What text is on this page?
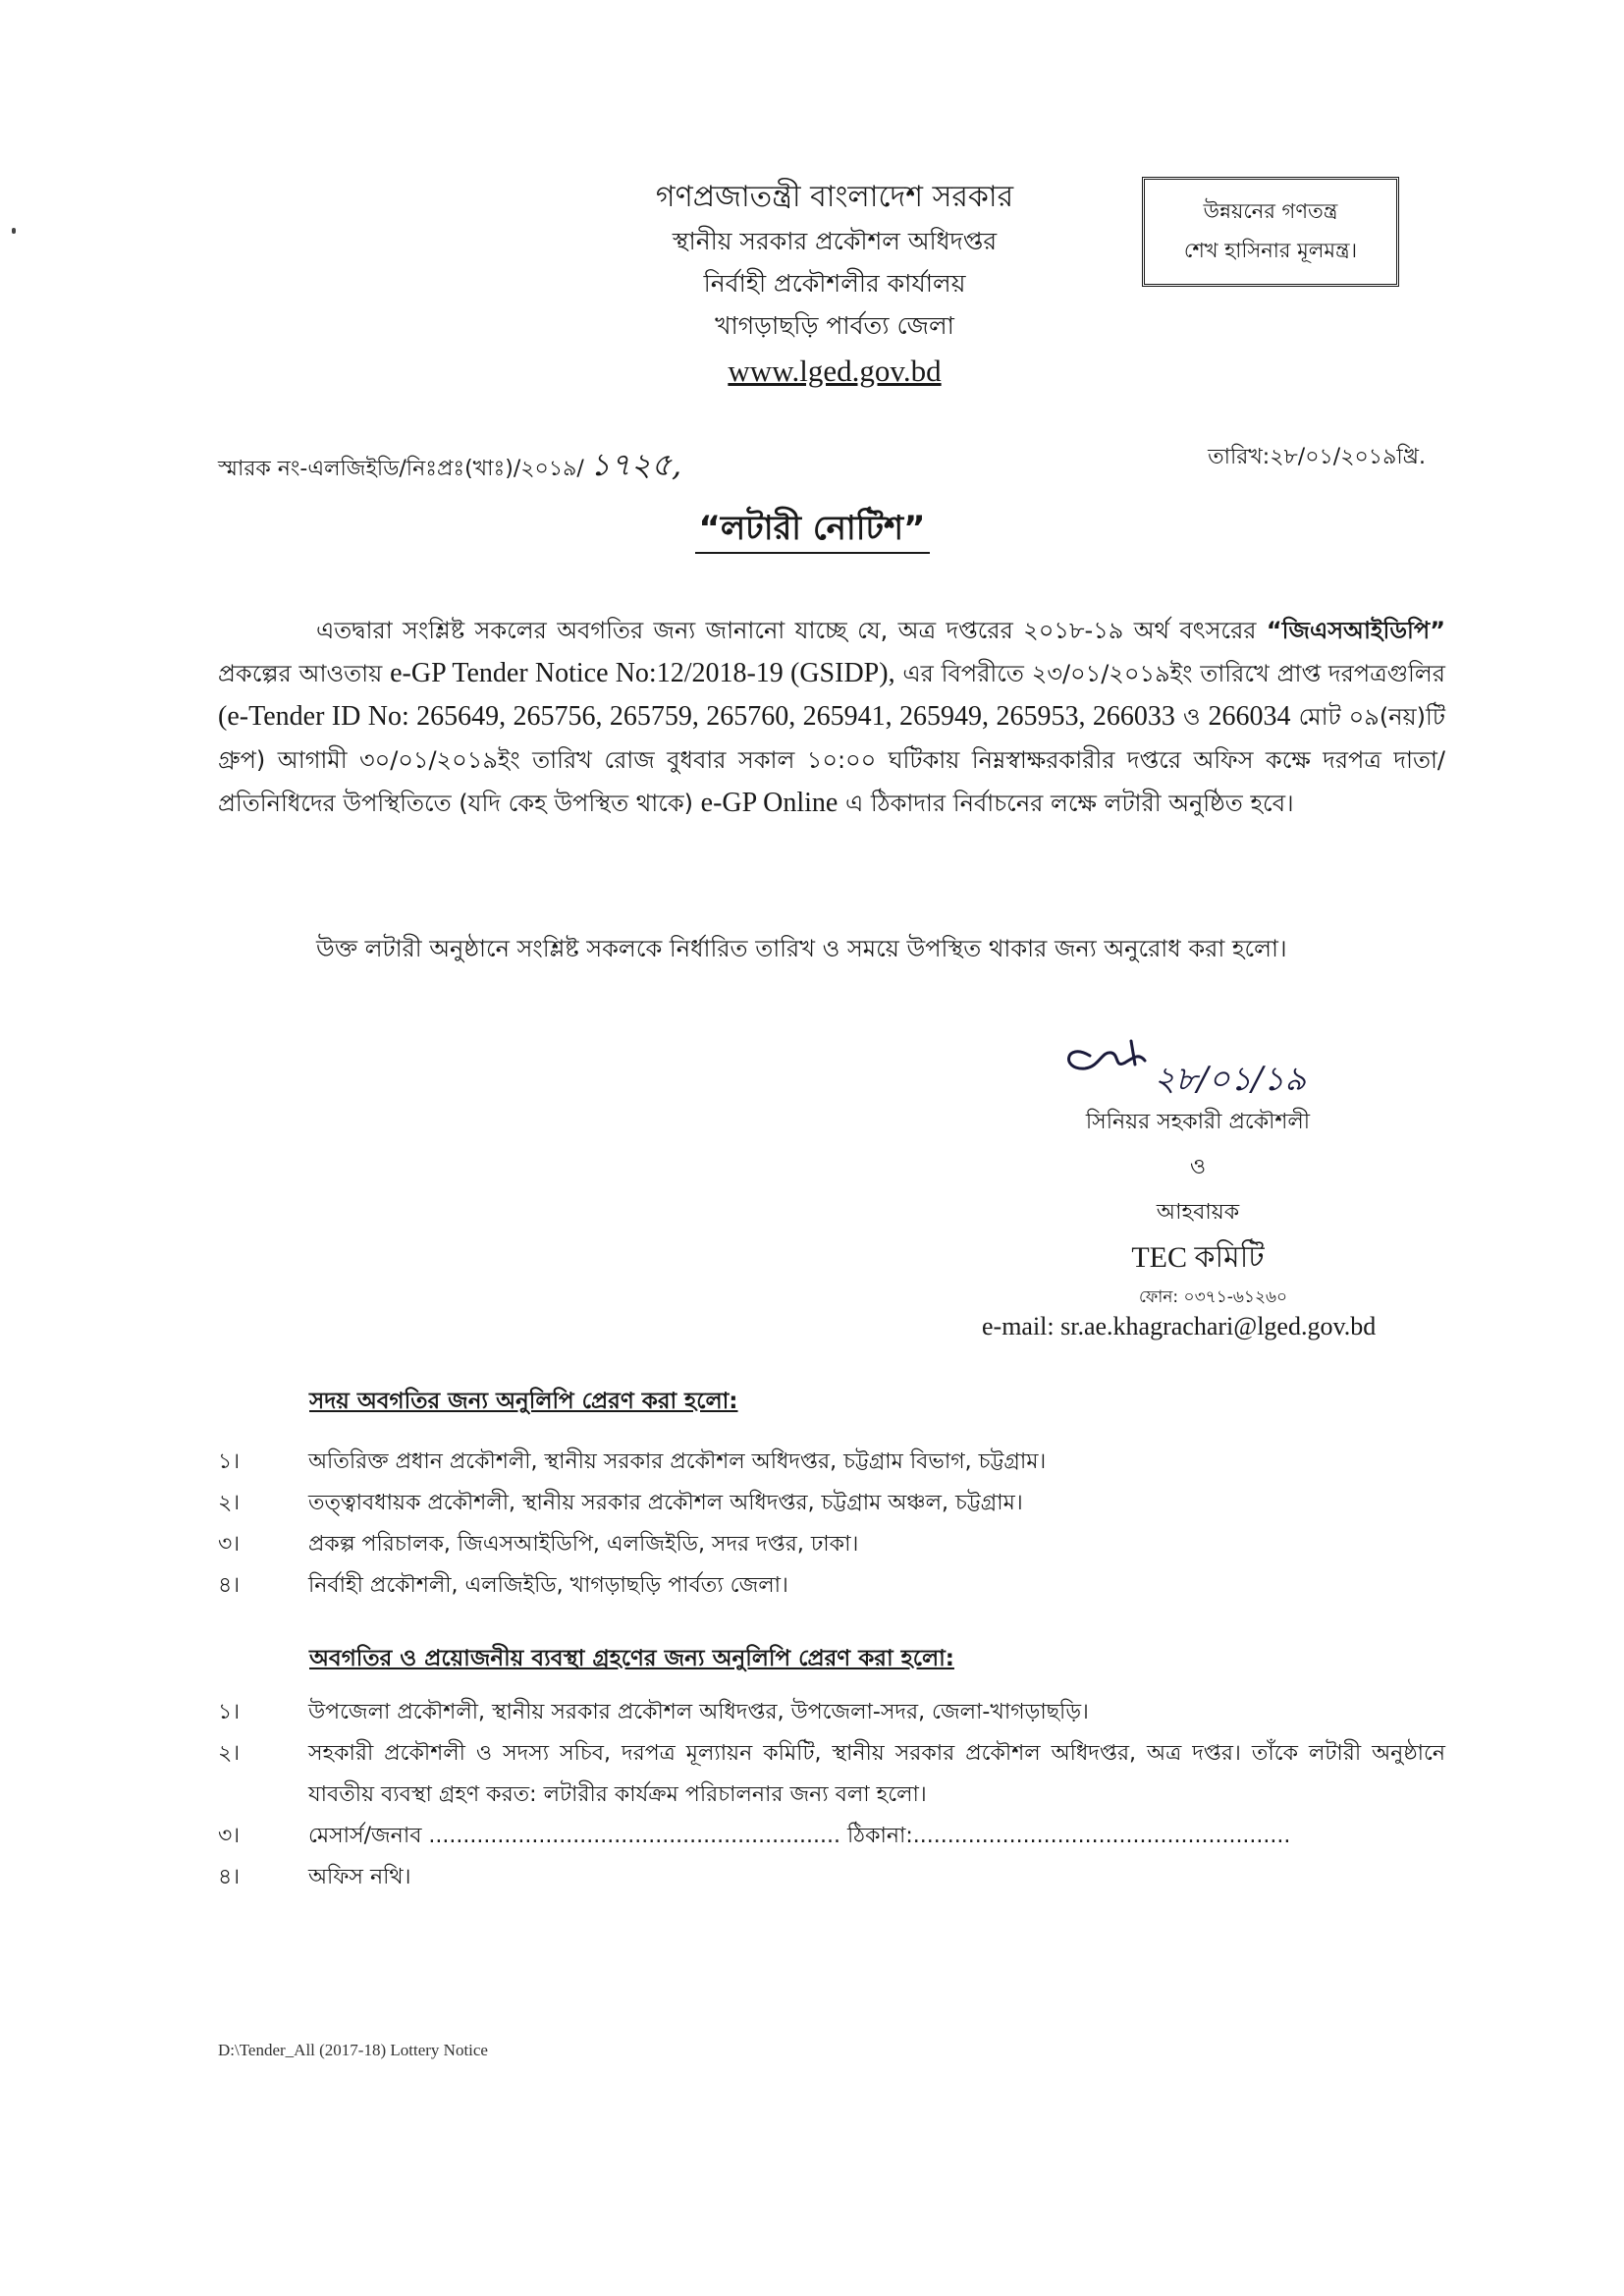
গণপ্রজাতন্ত্রী বাংলাদেশ সরকার
স্থানীয় সরকার প্রকৌশল অধিদপ্তর
নির্বাহী প্রকৌশলীর কার্যালয়
খাগড়াছড়ি পার্বত্য জেলা
www.lged.gov.bd
উন্নয়নের গণতন্ত্র
শেখ হাসিনার মূলমন্ত্র।
স্মারক নং-এলজিইডি/নিঃপ্রঃ(খাঃ)/২০১৯/ ১৭২৫,	তারিখ:২৮/০১/২০১৯খ্রি.
“লটারী নোটিশ”
এতদ্বারা সংশ্লিষ্ট সকলের অবগতির জন্য জানানো যাচ্ছে যে, অত্র দপ্তরের ২০১৮-১৯ অর্থ বৎসরের “জিএসআইডিপি” প্রকল্পের আওতায় e-GP Tender Notice No:12/2018-19 (GSIDP), এর বিপরীতে ২৩/০১/২০১৯ইং তারিখে প্রাপ্ত দরপত্রগুলির (e-Tender ID No: 265649, 265756, 265759, 265760, 265941, 265949, 265953, 266033 ও 266034 মোট ০৯(নয়)টি গ্রুপ) আগামী ৩০/০১/২০১৯ইং তারিখ রোজ বুধবার সকাল ১০:০০ ঘটিকায় নিম্নস্বাক্ষরকারীর দপ্তরে অফিস কক্ষে দরপত্র দাতা/প্রতিনিধিদের উপস্থিতিতে (যদি কেহ উপস্থিত থাকে) e-GP Online এ ঠিকাদার নির্বাচনের লক্ষে লটারী অনুষ্ঠিত হবে।
উক্ত লটারী অনুষ্ঠানে সংশ্লিষ্ট সকলকে নির্ধারিত তারিখ ও সময়ে উপস্থিত থাকার জন্য অনুরোধ করা হলো।
২৮/০১/১৯
সিনিয়র সহকারী প্রকৌশলী
ও
আহবায়ক
TEC কমিটি
ফোন: ০৩৭১-৬১২৬০
e-mail: sr.ae.khagrachari@lged.gov.bd
সদয় অবগতির জন্য অনুলিপি প্রেরণ করা হলো:
১।	অতিরিক্ত প্রধান প্রকৌশলী, স্থানীয় সরকার প্রকৌশল অধিদপ্তর, চট্টগ্রাম বিভাগ, চট্টগ্রাম।
২।	তত্ত্বাবধায়ক প্রকৌশলী, স্থানীয় সরকার প্রকৌশল অধিদপ্তর, চট্টগ্রাম অঞ্চল, চট্টগ্রাম।
৩।	প্রকল্প পরিচালক, জিএসআইডিপি, এলজিইডি, সদর দপ্তর, ঢাকা।
৪।	নির্বাহী প্রকৌশলী, এলজিইডি, খাগড়াছড়ি পার্বত্য জেলা।
অবগতির ও প্রয়োজনীয় ব্যবস্থা গ্রহণের জন্য অনুলিপি প্রেরণ করা হলো:
১।	উপজেলা প্রকৌশলী, স্থানীয় সরকার প্রকৌশল অধিদপ্তর, উপজেলা-সদর, জেলা-খাগড়াছড়ি।
২।	সহকারী প্রকৌশলী ও সদস্য সচিব, দরপত্র মূল্যায়ন কমিটি, স্থানীয় সরকার প্রকৌশল অধিদপ্তর, অত্র দপ্তর। তাঁকে লটারী অনুষ্ঠানে যাবতীয় ব্যবস্থা গ্রহণ করত: লটারীর কার্যক্রম পরিচালনার জন্য বলা হলো।
৩।	মেসার্স/জনাব ............................................................ ঠিকানা:.......................................................
৪।	অফিস নথি।
D:\Tender_All (2017-18) Lottery Notice
